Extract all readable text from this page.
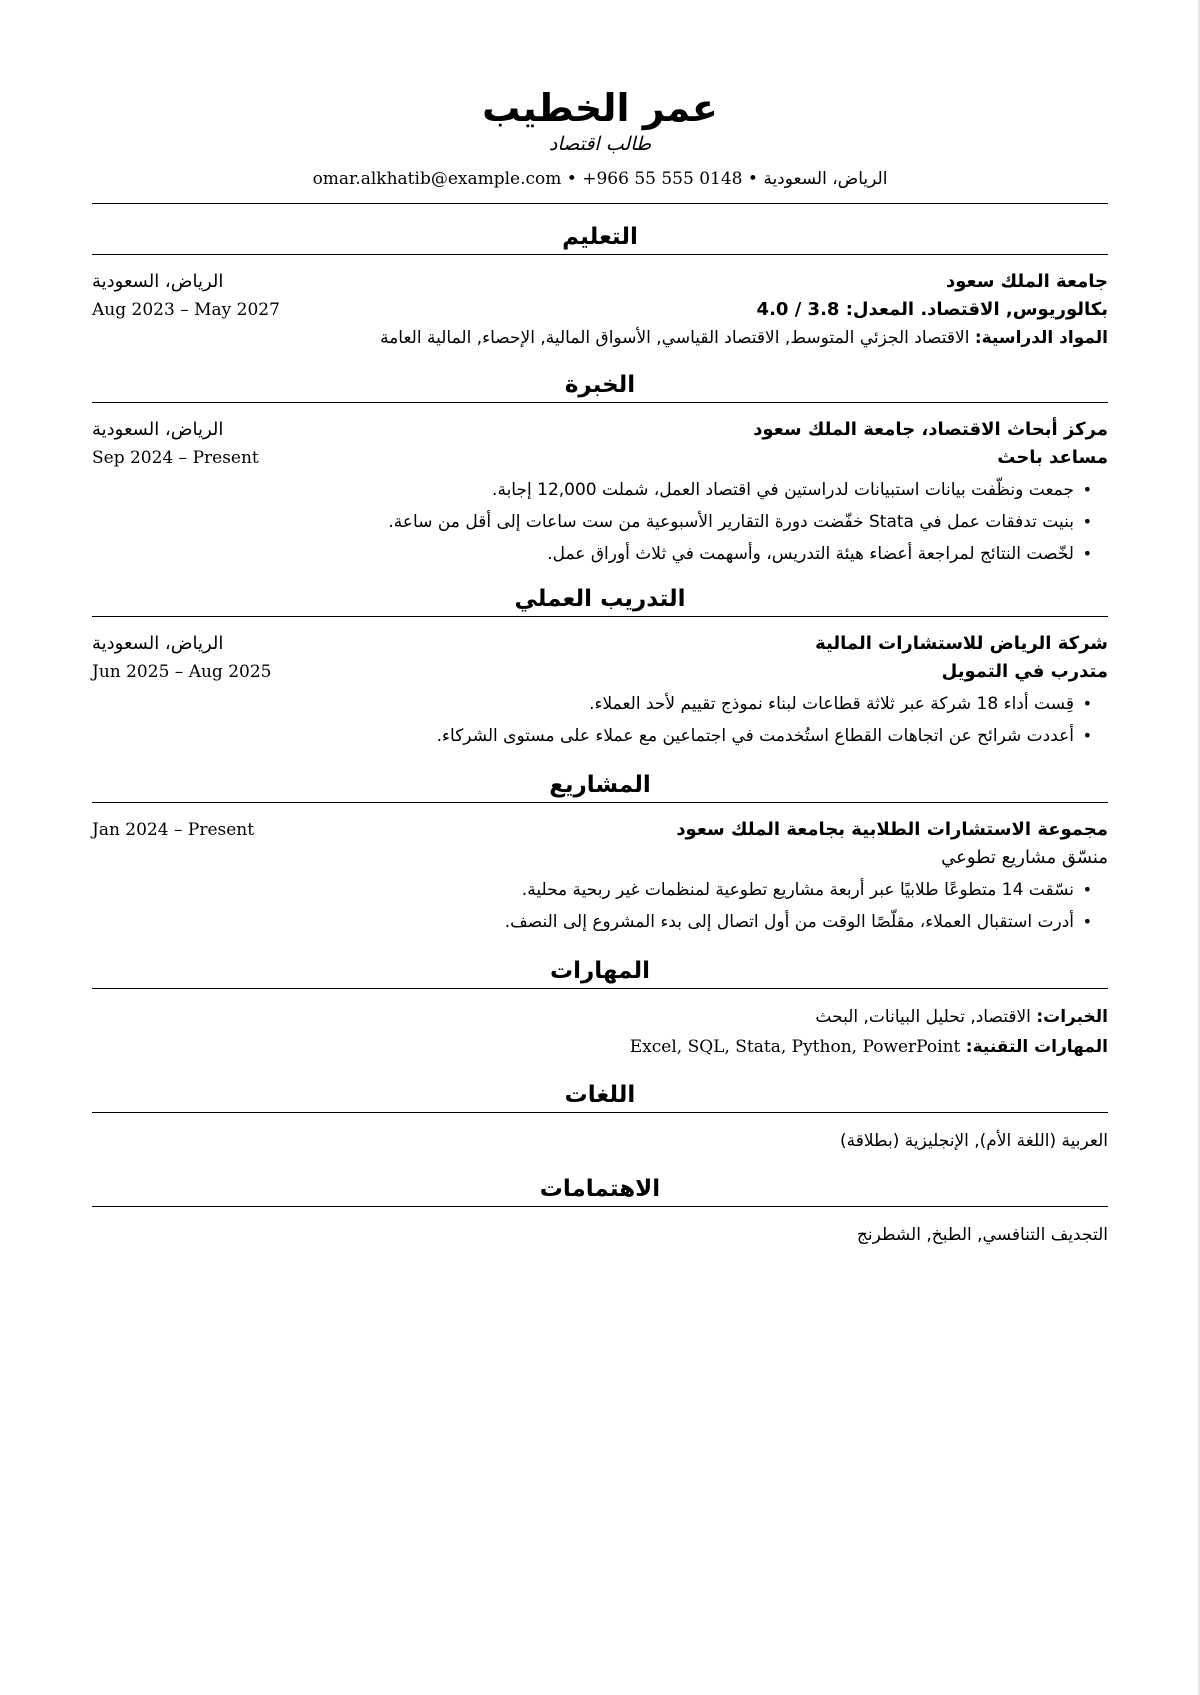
عمر الخطيب
طالب اقتصاد
الرياض، السعودية • +966 55 555 0148 • omar.alkhatib@example.com
التعليم
جامعة الملك سعود
الرياض، السعودية
بكالوريوس, الاقتصاد. المعدل: 3.8 / 4.0
Aug 2023 – May 2027
المواد الدراسية: الاقتصاد الجزئي المتوسط, الاقتصاد القياسي, الأسواق المالية, الإحصاء, المالية العامة
الخبرة
مركز أبحاث الاقتصاد، جامعة الملك سعود
الرياض، السعودية
مساعد باحث
Sep 2024 – Present
• جمعت ونظّفت بيانات استبيانات لدراستين في اقتصاد العمل، شملت 12,000 إجابة.
• بنيت تدفقات عمل في Stata خفّضت دورة التقارير الأسبوعية من ست ساعات إلى أقل من ساعة.
• لخّصت النتائج لمراجعة أعضاء هيئة التدريس، وأسهمت في ثلاث أوراق عمل.
التدريب العملي
شركة الرياض للاستشارات المالية
الرياض، السعودية
متدرب في التمويل
Jun 2025 – Aug 2025
• قِست أداء 18 شركة عبر ثلاثة قطاعات لبناء نموذج تقييم لأحد العملاء.
• أعددت شرائح عن اتجاهات القطاع استُخدمت في اجتماعين مع عملاء على مستوى الشركاء.
المشاريع
مجموعة الاستشارات الطلابية بجامعة الملك سعود
Jan 2024 – Present
منسّق مشاريع تطوعي
• نسّقت 14 متطوعًا طلابيًا عبر أربعة مشاريع تطوعية لمنظمات غير ربحية محلية.
• أدرت استقبال العملاء، مقلّصًا الوقت من أول اتصال إلى بدء المشروع إلى النصف.
المهارات
الخبرات: الاقتصاد, تحليل البيانات, البحث
المهارات التقنية: Excel, SQL, Stata, Python, PowerPoint
اللغات
العربية (اللغة الأم), الإنجليزية (بطلاقة)
الاهتمامات
التجديف التنافسي, الطبخ, الشطرنج
